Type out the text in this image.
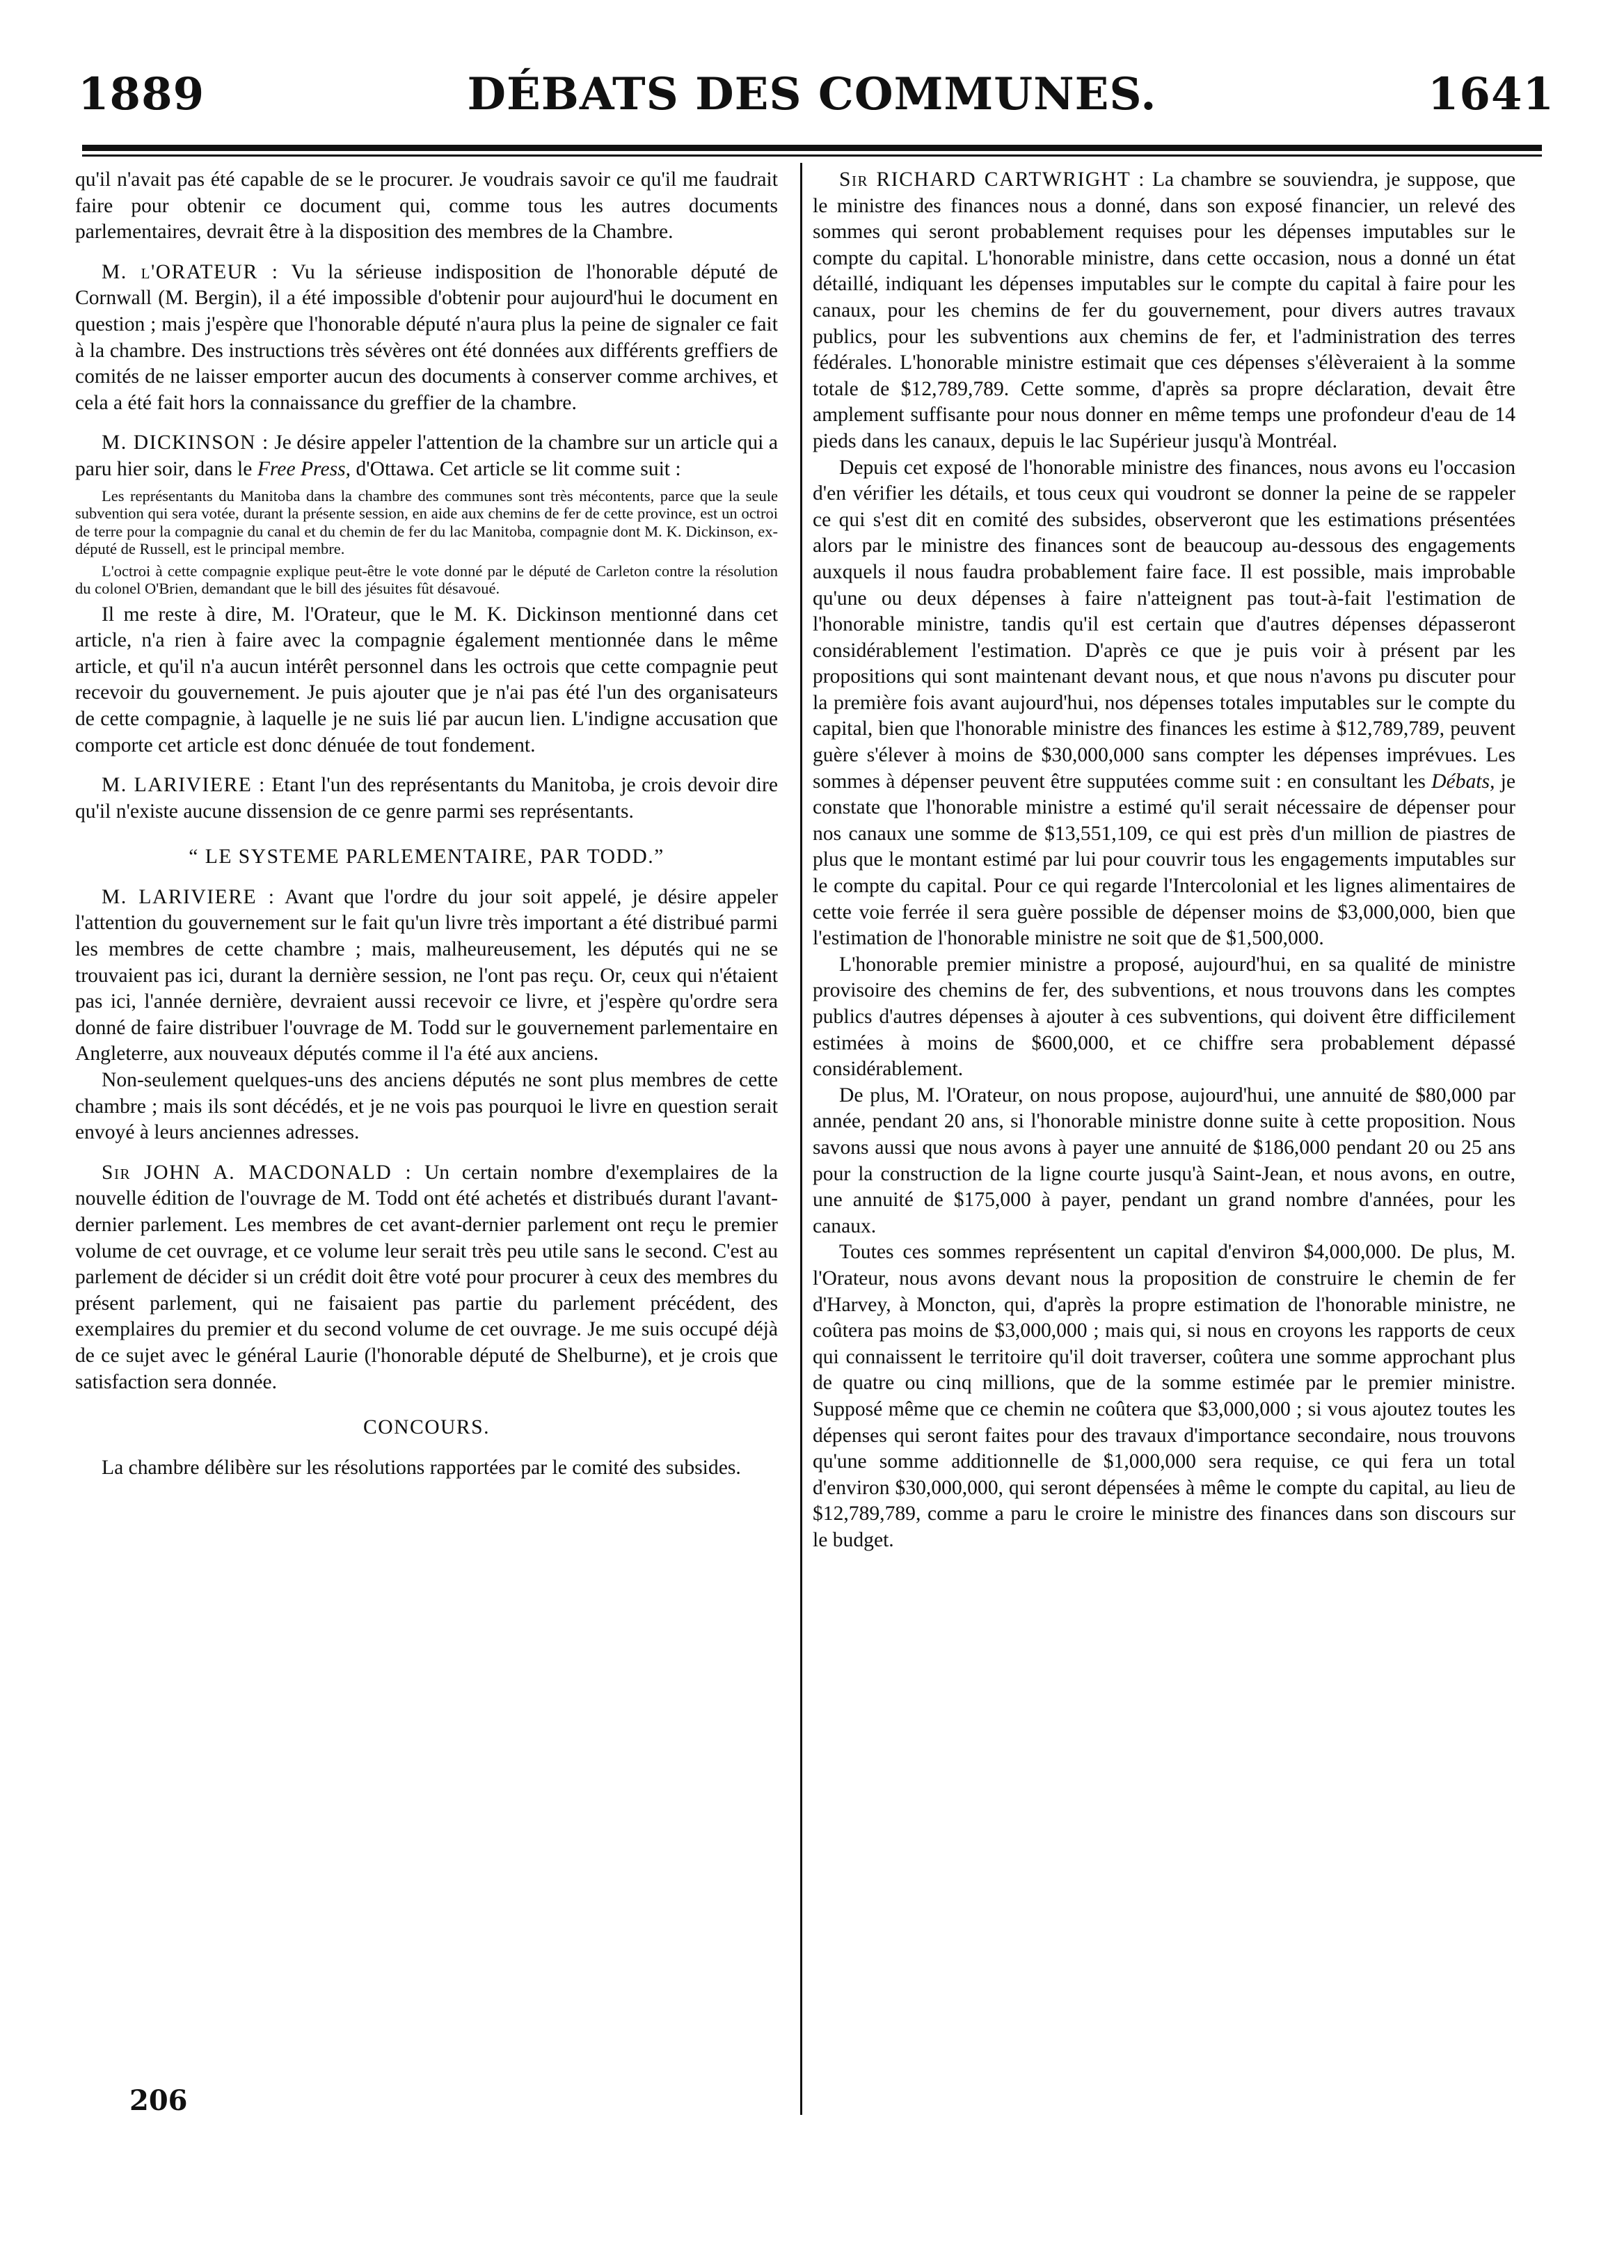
DÉBATS DES COMMUNES.
1889	1641

qu'il n'avait pas été capable de se le procurer. Je voudrais savoir ce qu'il me faudrait faire pour obtenir ce document qui, comme tous les autres documents parlementaires, devrait être à la disposition des membres de la Chambre.

M. l'ORATEUR : Vu la sérieuse indisposition de l'honorable député de Cornwall (M. Bergin), il a été impossible d'obtenir pour aujourd'hui le document en question ; mais j'espère que l'honorable député n'aura plus la peine de signaler ce fait à la chambre. Des instructions très sévères ont été données aux différents greffiers de comités de ne laisser emporter aucun des documents à conserver comme archives, et cela a été fait hors la connaissance du greffier de la chambre.

M. DICKINSON : Je désire appeler l'attention de la chambre sur un article qui a paru hier soir, dans le Free Press, d'Ottawa. Cet article se lit comme suit :

Les représentants du Manitoba dans la chambre des communes sont très mécontents, parce que la seule subvention qui sera votée, durant la présente session, en aide aux chemins de fer de cette province, est un octroi de terre pour la compagnie du canal et du chemin de fer du lac Manitoba, compagnie dont M. K. Dickinson, ex-député de Russell, est le principal membre.

L'octroi à cette compagnie explique peut-être le vote donné par le député de Carleton contre la résolution du colonel O'Brien, demandant que le bill des jésuites fût désavoué.

Il me reste à dire, M. l'Orateur, que le M. K. Dickinson mentionné dans cet article, n'a rien à faire avec la compagnie également mentionnée dans le même article, et qu'il n'a aucun intérêt personnel dans les octrois que cette compagnie peut recevoir du gouvernement. Je puis ajouter que je n'ai pas été l'un des organisateurs de cette compagnie, à laquelle je ne suis lié par aucun lien. L'indigne accusation que comporte cet article est donc dénuée de tout fondement.

M. LARIVIERE : Etant l'un des représentants du Manitoba, je crois devoir dire qu'il n'existe aucune dissension de ce genre parmi ses représentants.

“ LE SYSTEME PARLEMENTAIRE, PAR TODD.”

M. LARIVIERE : Avant que l'ordre du jour soit appelé, je désire appeler l'attention du gouvernement sur le fait qu'un livre très important a été distribué parmi les membres de cette chambre ; mais, malheureusement, les députés qui ne se trouvaient pas ici, durant la dernière session, ne l'ont pas reçu. Or, ceux qui n'étaient pas ici, l'année dernière, devraient aussi recevoir ce livre, et j'espère qu'ordre sera donné de faire distribuer l'ouvrage de M. Todd sur le gouvernement parlementaire en Angleterre, aux nouveaux députés comme il l'a été aux anciens.

Non-seulement quelques-uns des anciens députés ne sont plus membres de cette chambre ; mais ils sont décédés, et je ne vois pas pourquoi le livre en question serait envoyé à leurs anciennes adresses.

Sir JOHN A. MACDONALD : Un certain nombre d'exemplaires de la nouvelle édition de l'ouvrage de M. Todd ont été achetés et distribués durant l'avant-dernier parlement. Les membres de cet avant-dernier parlement ont reçu le premier volume de cet ouvrage, et ce volume leur serait très peu utile sans le second. C'est au parlement de décider si un crédit doit être voté pour procurer à ceux des membres du présent parlement, qui ne faisaient pas partie du parlement précédent, des exemplaires du premier et du second volume de cet ouvrage. Je me suis occupé déjà de ce sujet avec le général Laurie (l'honorable député de Shelburne), et je crois que satisfaction sera donnée.

CONCOURS.

La chambre délibère sur les résolutions rapportées par le comité des subsides.

Sir RICHARD CARTWRIGHT : La chambre se souviendra, je suppose, que le ministre des finances nous a donné, dans son exposé financier, un relevé des sommes qui seront probablement requises pour les dépenses imputables sur le compte du capital. L'honorable ministre, dans cette occasion, nous a donné un état détaillé, indiquant les dépenses imputables sur le compte du capital à faire pour les canaux, pour les chemins de fer du gouvernement, pour divers autres travaux publics, pour les subventions aux chemins de fer, et l'administration des terres fédérales. L'honorable ministre estimait que ces dépenses s'élèveraient à la somme totale de $12,789,789. Cette somme, d'après sa propre déclaration, devait être amplement suffisante pour nous donner en même temps une profondeur d'eau de 14 pieds dans les canaux, depuis le lac Supérieur jusqu'à Montréal.

Depuis cet exposé de l'honorable ministre des finances, nous avons eu l'occasion d'en vérifier les détails, et tous ceux qui voudront se donner la peine de se rappeler ce qui s'est dit en comité des subsides, observeront que les estimations présentées alors par le ministre des finances sont de beaucoup au-dessous des engagements auxquels il nous faudra probablement faire face. Il est possible, mais improbable qu'une ou deux dépenses à faire n'atteignent pas tout-à-fait l'estimation de l'honorable ministre, tandis qu'il est certain que d'autres dépenses dépasseront considérablement l'estimation. D'après ce que je puis voir à présent par les propositions qui sont maintenant devant nous, et que nous n'avons pu discuter pour la première fois avant aujourd'hui, nos dépenses totales imputables sur le compte du capital, bien que l'honorable ministre des finances les estime à $12,789,789, peuvent guère s'élever à moins de $30,000,000 sans compter les dépenses imprévues. Les sommes à dépenser peuvent être supputées comme suit : en consultant les Débats, je constate que l'honorable ministre a estimé qu'il serait nécessaire de dépenser pour nos canaux une somme de $13,551,109, ce qui est près d'un million de piastres de plus que le montant estimé par lui pour couvrir tous les engagements imputables sur le compte du capital. Pour ce qui regarde l'Intercolonial et les lignes alimentaires de cette voie ferrée il sera guère possible de dépenser moins de $3,000,000, bien que l'estimation de l'honorable ministre ne soit que de $1,500,000.

L'honorable premier ministre a proposé, aujourd'hui, en sa qualité de ministre provisoire des chemins de fer, des subventions, et nous trouvons dans les comptes publics d'autres dépenses à ajouter à ces subventions, qui doivent être difficilement estimées à moins de $600,000, et ce chiffre sera probablement dépassé considérablement.

De plus, M. l'Orateur, on nous propose, aujourd'hui, une annuité de $80,000 par année, pendant 20 ans, si l'honorable ministre donne suite à cette proposition. Nous savons aussi que nous avons à payer une annuité de $186,000 pendant 20 ou 25 ans pour la construction de la ligne courte jusqu'à Saint-Jean, et nous avons, en outre, une annuité de $175,000 à payer, pendant un grand nombre d'années, pour les canaux.

Toutes ces sommes représentent un capital d'environ $4,000,000. De plus, M. l'Orateur, nous avons devant nous la proposition de construire le chemin de fer d'Harvey, à Moncton, qui, d'après la propre estimation de l'honorable ministre, ne coûtera pas moins de $3,000,000 ; mais qui, si nous en croyons les rapports de ceux qui connaissent le territoire qu'il doit traverser, coûtera une somme approchant plus de quatre ou cinq millions, que de la somme estimée par le premier ministre. Supposé même que ce chemin ne coûtera que $3,000,000 ; si vous ajoutez toutes les dépenses qui seront faites pour des travaux d'importance secondaire, nous trouvons qu'une somme additionnelle de $1,000,000 sera requise, ce qui fera un total d'environ $30,000,000, qui seront dépensées à même le compte du capital, au lieu de $12,789,789, comme a paru le croire le ministre des finances dans son discours sur le budget.

206
